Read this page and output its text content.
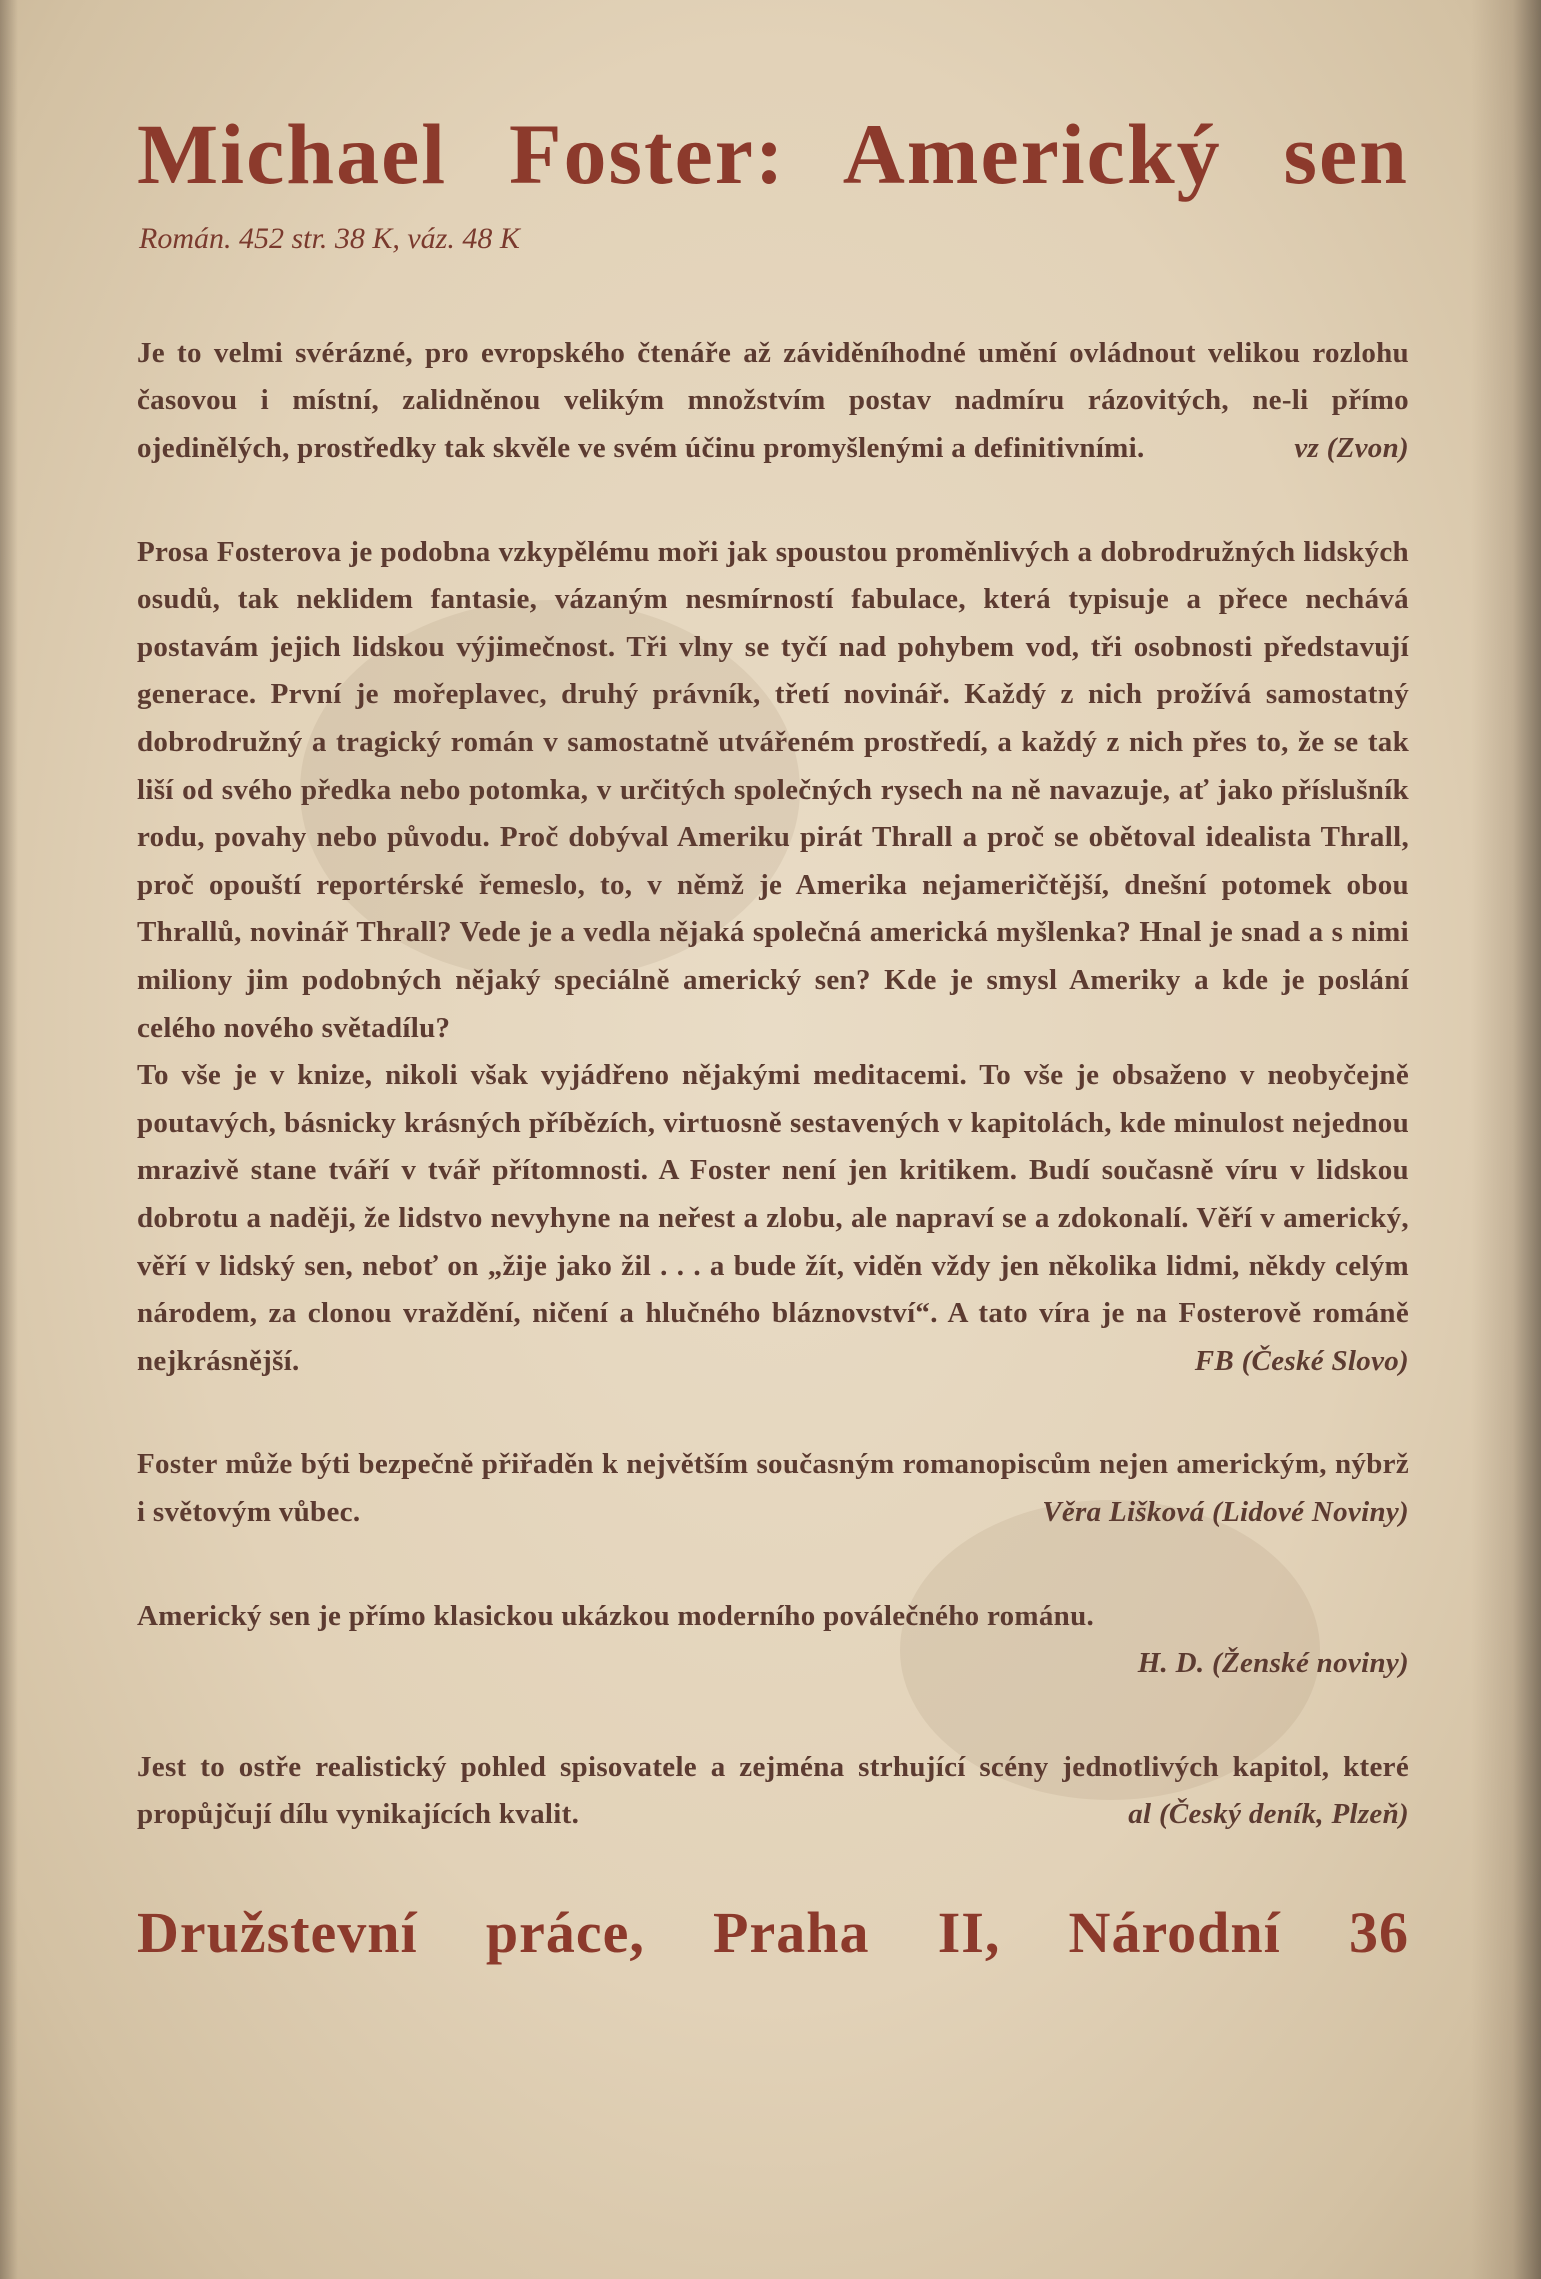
Michael Foster: Americký sen
Román. 452 str. 38 K, váz. 48 K

Je to velmi svérázné, pro evropského čtenáře až záviděníhodné umění ovládnout velikou rozlohu časovou i místní, zalidněnou velikým množstvím postav nadmíru rázovitých, ne-li přímo ojedinělých, prostředky tak skvěle ve svém účinu promyšlenými a definitivními.	vz (Zvon)

Prosa Fosterova je podobna vzkypělému moři jak spoustou proměnlivých a dobrodružných lidských osudů, tak neklidem fantasie, vázaným nesmírností fabulace, která typisuje a přece nechává postavám jejich lidskou výjimečnost. Tři vlny se tyčí nad pohybem vod, tři osobnosti představují generace. První je mořeplavec, druhý právník, třetí novinář. Každý z nich prožívá samostatný dobrodružný a tragický román v samostatně utvářeném prostředí, a každý z nich přes to, že se tak liší od svého předka nebo potomka, v určitých společných rysech na ně navazuje, ať jako příslušník rodu, povahy nebo původu. Proč dobýval Ameriku pirát Thrall a proč se obětoval idealista Thrall, proč opouští reportérské řemeslo, to, v němž je Amerika nejameričtější, dnešní potomek obou Thrallů, novinář Thrall? Vede je a vedla nějaká společná americká myšlenka? Hnal je snad a s nimi miliony jim podobných nějaký speciálně americký sen? Kde je smysl Ameriky a kde je poslání celého nového světadílu?

To vše je v knize, nikoli však vyjádřeno nějakými meditacemi. To vše je obsaženo v neobyčejně poutavých, básnicky krásných příbězích, virtuosně sestavených v kapitolách, kde minulost nejednou mrazivě stane tváří v tvář přítomnosti. A Foster není jen kritikem. Budí současně víru v lidskou dobrotu a naději, že lidstvo nevyhyne na neřest a zlobu, ale napraví se a zdokonalí. Věří v americký, věří v lidský sen, neboť on „žije jako žil . . . a bude žít, viděn vždy jen několika lidmi, někdy celým národem, za clonou vraždění, ničení a hlučného bláznovství“. A tato víra je na Fosterově románě nejkrásnější.	FB (České Slovo)

Foster může býti bezpečně přiřaděn k největším současným romanopiscům nejen americkým, nýbrž i světovým vůbec.	Věra Lišková (Lidové Noviny)

Americký sen je přímo klasickou ukázkou moderního poválečného románu.

H. D. (Ženské noviny)

Jest to ostře realistický pohled spisovatele a zejména strhující scény jednotlivých kapitol, které propůjčují dílu vynikajících kvalit.	al (Český deník, Plzeň)

Družstevní práce, Praha II, Národní 36
